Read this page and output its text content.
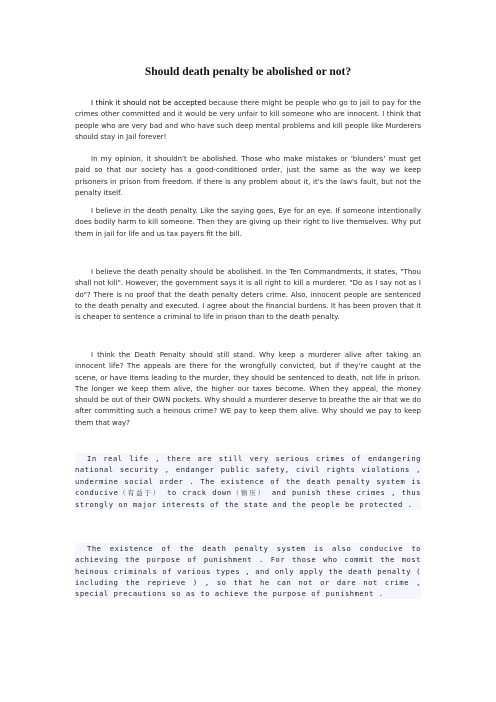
Should death penalty be abolished or not?

I think it should not be accepted because there might be people who go to jail to pay for the crimes other committed and it would be very unfair to kill someone who are innocent. I think that people who are very bad and who have such deep mental problems and kill people like Murderers should stay in Jail forever!

In my opinion, it shouldn't be abolished. Those who make mistakes or 'blunders' must get paid so that our society has a good-conditioned order, just the same as the way we keep prisoners in prison from freedom. If there is any problem about it, it's the law's fault, but not the penalty itself.

I believe in the death penalty. Like the saying goes, Eye for an eye. If someone intentionally does bodily harm to kill someone. Then they are giving up their right to live themselves. Why put them in jail for life and us tax payers fit the bill.

I believe the death penalty should be abolished. In the Ten Commandments, it states, "Thou shall not kill". However, the government says it is all right to kill a murderer. "Do as I say not as I do"? There is no proof that the death penalty deters crime. Also, innocent people are sentenced to the death penalty and executed. I agree about the financial burdens. It has been proven that it is cheaper to sentence a criminal to life in prison than to the death penalty.

I think the Death Penalty should still stand. Why keep a murderer alive after taking an innocent life? The appeals are there for the wrongfully convicted, but if they're caught at the scene, or have items leading to the murder, they should be sentenced to death, not life in prison. The longer we keep them alive, the higher our taxes become. When they appeal, the money should be out of their OWN pockets. Why should a murderer deserve to breathe the air that we do after committing such a heinous crime? WE pay to keep them alive. Why should we pay to keep them that way?

In real life , there are still very serious crimes of endangering national security , endanger public safety, civil rights violations , undermine social order . The existence of the death penalty system is conducive（有益于） to crack down（镇压） and punish these crimes , thus strongly on major interests of the state and the people be protected .

The existence of the death penalty system is also conducive to achieving the purpose of punishment . For those who commit the most heinous criminals of various types , and only apply the death penalty ( including the reprieve ) , so that he can not or dare not crime , special precautions so as to achieve the purpose of punishment .
